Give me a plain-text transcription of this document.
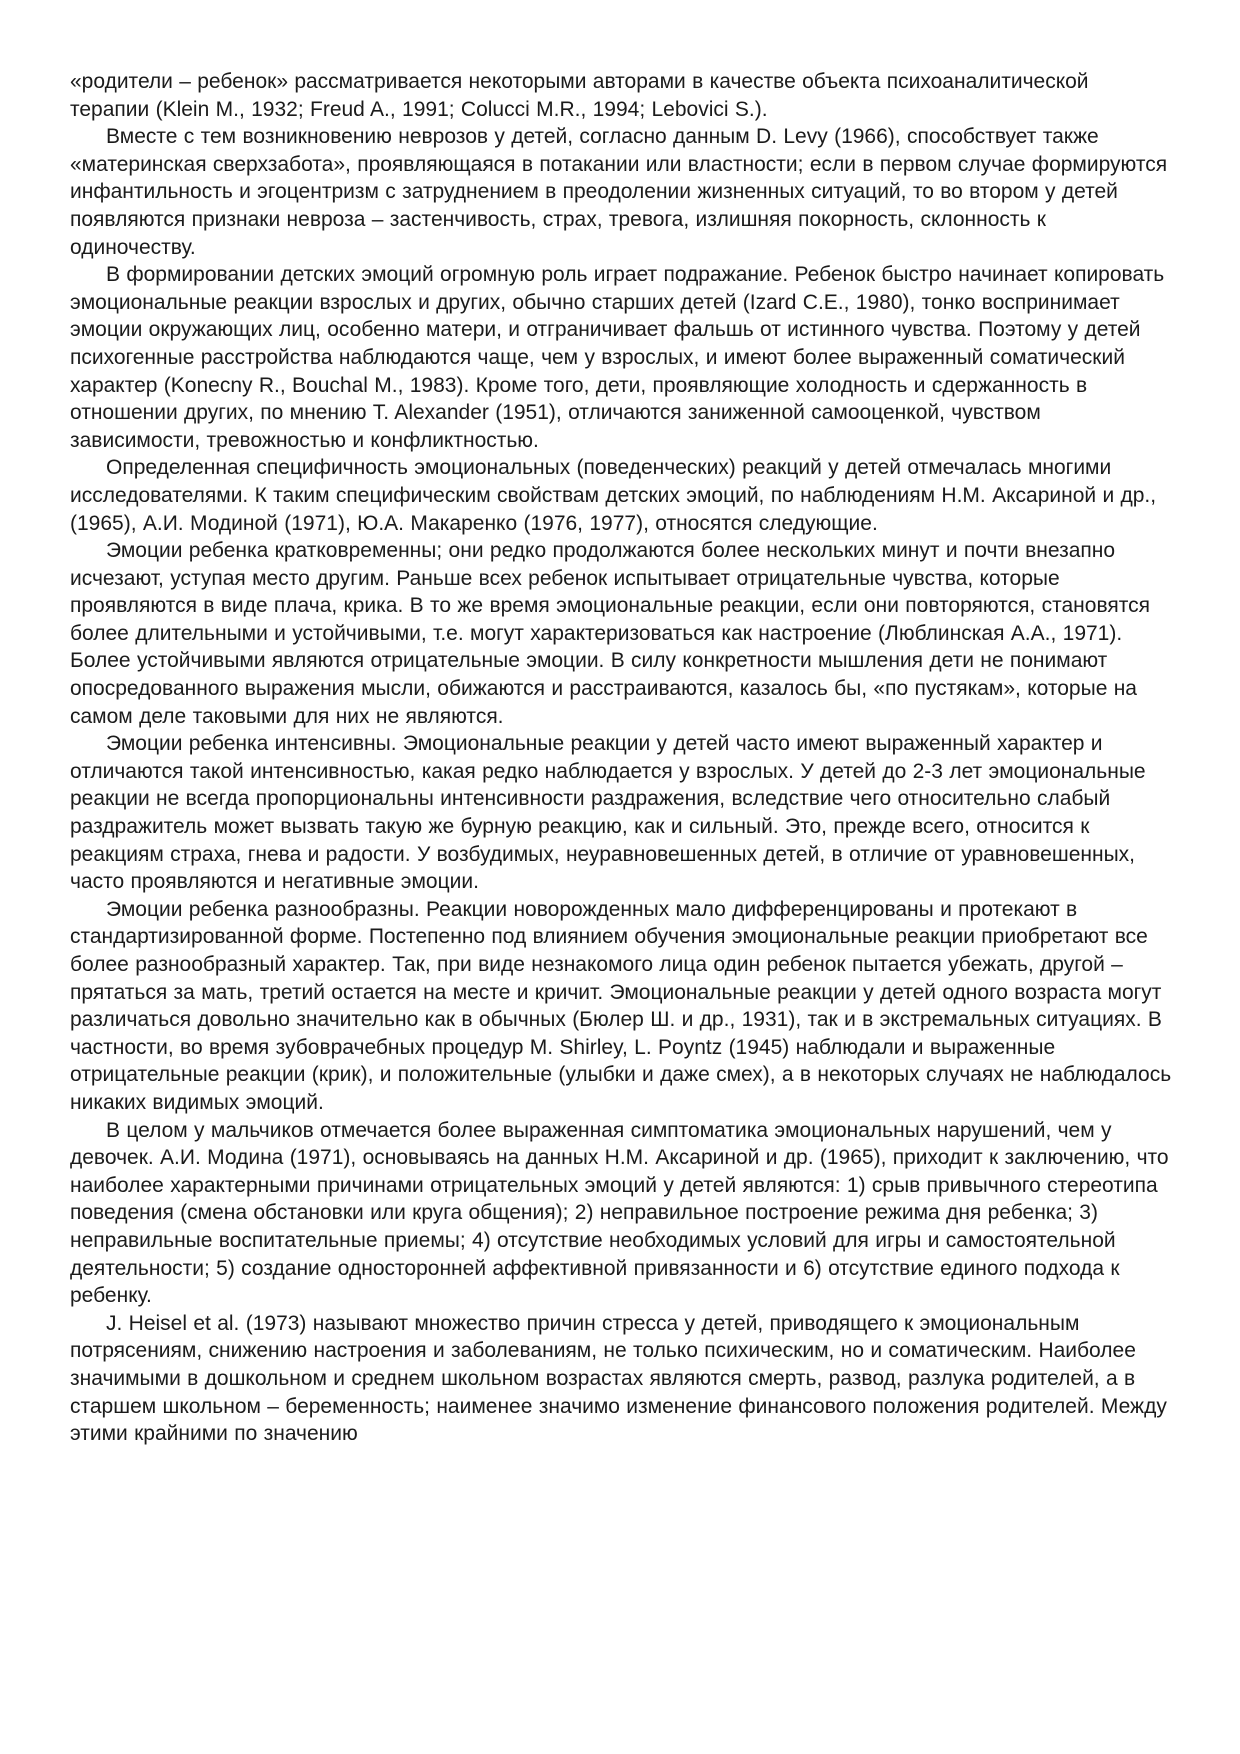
«родители – ребенок» рассматривается некоторыми авторами в качестве объекта психоаналитической терапии (Klein M., 1932; Freud A., 1991; Colucci M.R., 1994; Lebovici S.).

Вместе с тем возникновению неврозов у детей, согласно данным D. Levy (1966), способствует также «материнская сверхзабота», проявляющаяся в потакании или властности; если в первом случае формируются инфантильность и эгоцентризм с затруднением в преодолении жизненных ситуаций, то во втором у детей появляются признаки невроза – застенчивость, страх, тревога, излишняя покорность, склонность к одиночеству.

В формировании детских эмоций огромную роль играет подражание. Ребенок быстро начинает копировать эмоциональные реакции взрослых и других, обычно старших детей (Izard C.E., 1980), тонко воспринимает эмоции окружающих лиц, особенно матери, и отграничивает фальшь от истинного чувства. Поэтому у детей психогенные расстройства наблюдаются чаще, чем у взрослых, и имеют более выраженный соматический характер (Konecny R., Bouchal M., 1983). Кроме того, дети, проявляющие холодность и сдержанность в отношении других, по мнению T. Alexander (1951), отличаются заниженной самооценкой, чувством зависимости, тревожностью и конфликтностью.

Определенная специфичность эмоциональных (поведенческих) реакций у детей отмечалась многими исследователями. К таким специфическим свойствам детских эмоций, по наблюдениям Н.М. Аксариной и др., (1965), А.И. Модиной (1971), Ю.А. Макаренко (1976, 1977), относятся следующие.

Эмоции ребенка кратковременны; они редко продолжаются более нескольких минут и почти внезапно исчезают, уступая место другим. Раньше всех ребенок испытывает отрицательные чувства, которые проявляются в виде плача, крика. В то же время эмоциональные реакции, если они повторяются, становятся более длительными и устойчивыми, т.е. могут характеризоваться как настроение (Люблинская А.А., 1971). Более устойчивыми являются отрицательные эмоции. В силу конкретности мышления дети не понимают опосредованного выражения мысли, обижаются и расстраиваются, казалось бы, «по пустякам», которые на самом деле таковыми для них не являются.

Эмоции ребенка интенсивны. Эмоциональные реакции у детей часто имеют выраженный характер и отличаются такой интенсивностью, какая редко наблюдается у взрослых. У детей до 2-3 лет эмоциональные реакции не всегда пропорциональны интенсивности раздражения, вследствие чего относительно слабый раздражитель может вызвать такую же бурную реакцию, как и сильный. Это, прежде всего, относится к реакциям страха, гнева и радости. У возбудимых, неуравновешенных детей, в отличие от уравновешенных, часто проявляются и негативные эмоции.

Эмоции ребенка разнообразны. Реакции новорожденных мало дифференцированы и протекают в стандартизированной форме. Постепенно под влиянием обучения эмоциональные реакции приобретают все более разнообразный характер. Так, при виде незнакомого лица один ребенок пытается убежать, другой – прятаться за мать, третий остается на месте и кричит. Эмоциональные реакции у детей одного возраста могут различаться довольно значительно как в обычных (Бюлер Ш. и др., 1931), так и в экстремальных ситуациях. В частности, во время зубоврачебных процедур M. Shirley, L. Poyntz (1945) наблюдали и выраженные отрицательные реакции (крик), и положительные (улыбки и даже смех), а в некоторых случаях не наблюдалось никаких видимых эмоций.

В целом у мальчиков отмечается более выраженная симптоматика эмоциональных нарушений, чем у девочек. А.И. Модина (1971), основываясь на данных Н.М. Аксариной и др. (1965), приходит к заключению, что наиболее характерными причинами отрицательных эмоций у детей являются: 1) срыв привычного стереотипа поведения (смена обстановки или круга общения); 2) неправильное построение режима дня ребенка; 3) неправильные воспитательные приемы; 4) отсутствие необходимых условий для игры и самостоятельной деятельности; 5) создание односторонней аффективной привязанности и 6) отсутствие единого подхода к ребенку.

J. Heisel et al. (1973) называют множество причин стресса у детей, приводящего к эмоциональным потрясениям, снижению настроения и заболеваниям, не только психическим, но и соматическим. Наиболее значимыми в дошкольном и среднем школьном возрастах являются смерть, развод, разлука родителей, а в старшем школьном – беременность; наименее значимо изменение финансового положения родителей. Между этими крайними по значению
